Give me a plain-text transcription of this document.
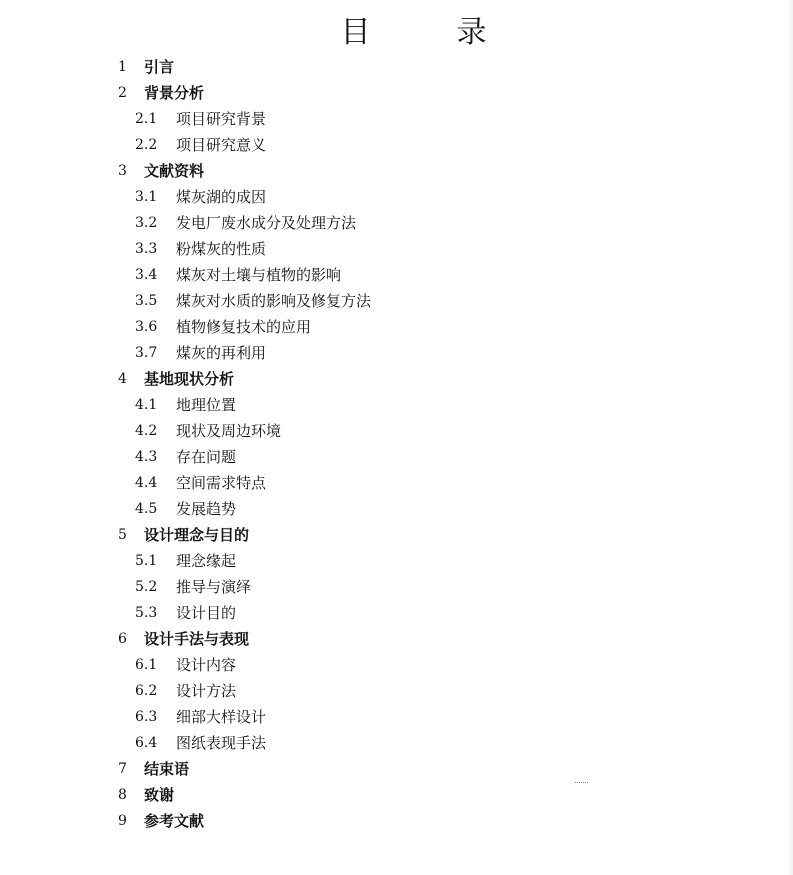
目　录
1	引言
2	背景分析
2.1	项目研究背景
2.2	项目研究意义
3	文献资料
3.1	煤灰湖的成因
3.2	发电厂废水成分及处理方法
3.3	粉煤灰的性质
3.4	煤灰对土壤与植物的影响
3.5	煤灰对水质的影响及修复方法
3.6	植物修复技术的应用
3.7	煤灰的再利用
4	基地现状分析
4.1	地理位置
4.2	现状及周边环境
4.3	存在问题
4.4	空间需求特点
4.5	发展趋势
5	设计理念与目的
5.1	理念缘起
5.2	推导与演绎
5.3	设计目的
6	设计手法与表现
6.1	设计内容
6.2	设计方法
6.3	细部大样设计
6.4	图纸表现手法
7	结束语
8	致谢
9	参考文献
